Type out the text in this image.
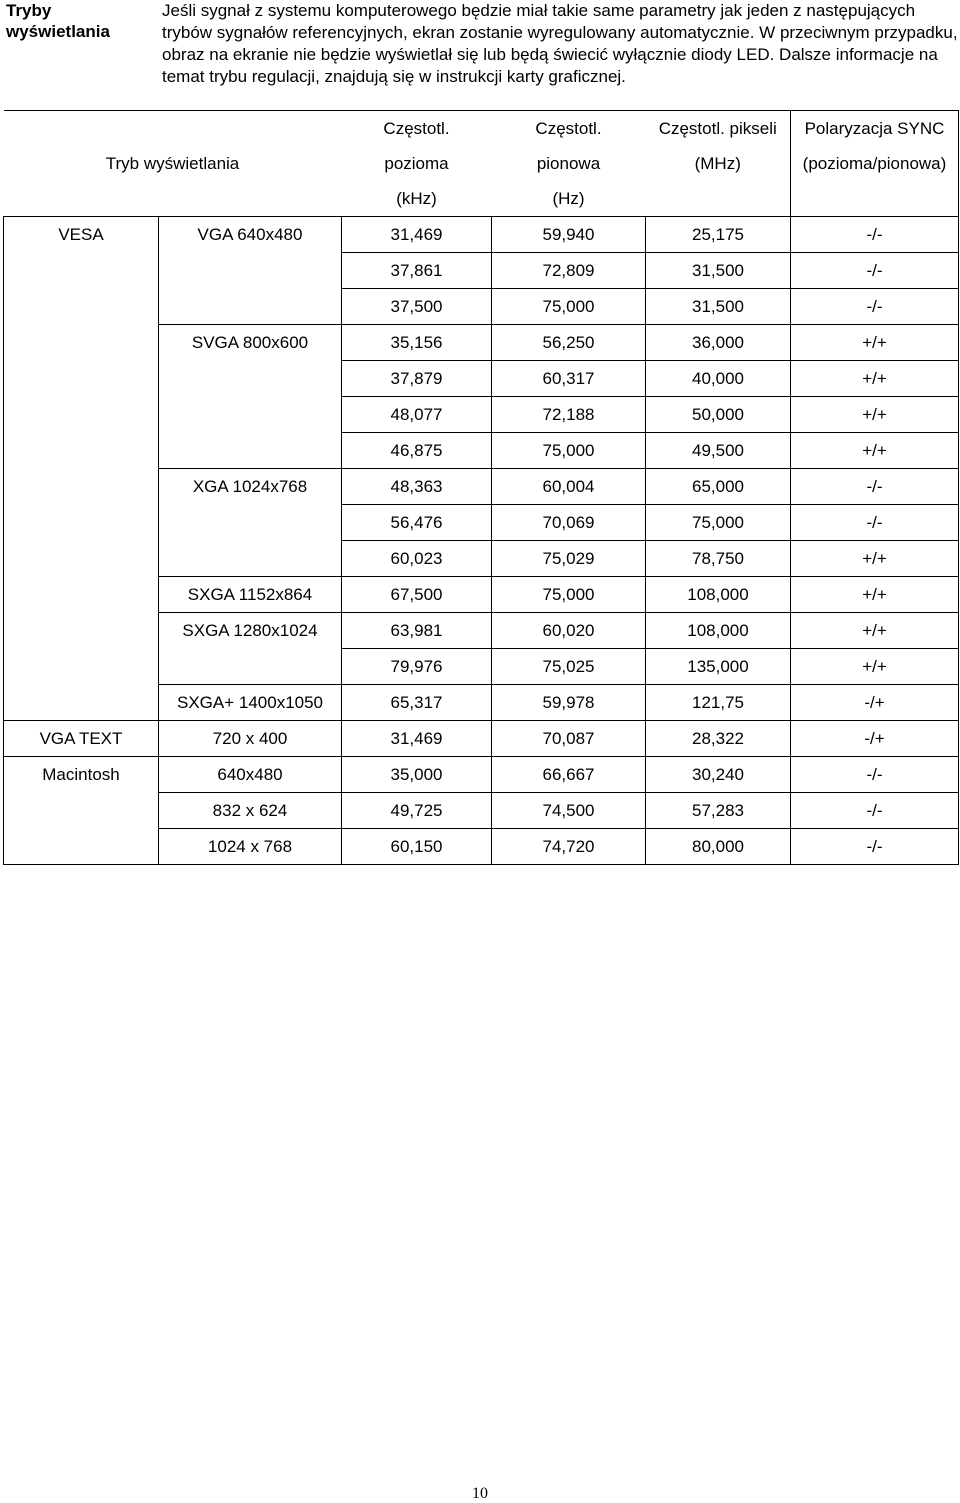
Tryby wyświetlania
Jeśli sygnał z systemu komputerowego będzie miał takie same parametry jak jeden z następujących trybów sygnałów referencyjnych, ekran zostanie wyregulowany automatycznie. W przeciwnym przypadku, obraz na ekranie nie będzie wyświetlał się lub będą świecić wyłącznie diody LED. Dalsze informacje na temat trybu regulacji, znajdują się w instrukcji karty graficznej.
		Częstotl.	Częstotl.	Częstotl. pikseli	Polaryzacja SYNC
Tryb wyświetlania		pozioma	pionowa	(MHz)	(pozioma/pionowa)
		(kHz)	(Hz)		
VESA	VGA 640x480	31,469	59,940	25,175	-/-
		37,861	72,809	31,500	-/-
		37,500	75,000	31,500	-/-
	SVGA 800x600	35,156	56,250	36,000	+/+
		37,879	60,317	40,000	+/+
		48,077	72,188	50,000	+/+
		46,875	75,000	49,500	+/+
	XGA 1024x768	48,363	60,004	65,000	-/-
		56,476	70,069	75,000	-/-
		60,023	75,029	78,750	+/+
	SXGA 1152x864	67,500	75,000	108,000	+/+
	SXGA 1280x1024	63,981	60,020	108,000	+/+
		79,976	75,025	135,000	+/+
	SXGA+ 1400x1050	65,317	59,978	121,75	-/+
VGA TEXT	720 x 400	31,469	70,087	28,322	-/+
Macintosh	640x480	35,000	66,667	30,240	-/-
	832 x 624	49,725	74,500	57,283	-/-
	1024 x 768	60,150	74,720	80,000	-/-
10
